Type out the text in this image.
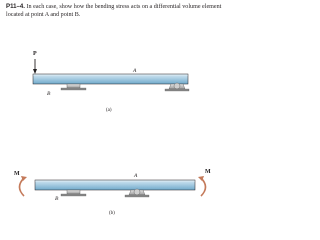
P11–4. In each case, show how the bending stress acts on a differential volume element located at point A and point B.
P
A
B
(a)
M	M
A
B
(b)
